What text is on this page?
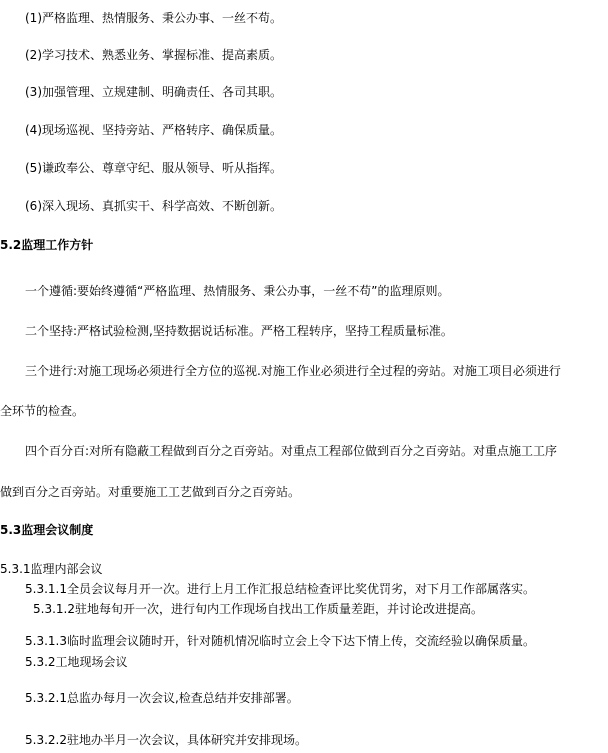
(1)严格监理、热情服务、秉公办事、一丝不苟。
(2)学习技术、熟悉业务、掌握标准、提高素质。
(3)加强管理、立规建制、明确责任、各司其职。
(4)现场巡视、坚持旁站、严格转序、确保质量。
(5)谦政奉公、尊章守纪、服从领导、听从指挥。
(6)深入现场、真抓实干、科学高效、不断创新。
5.2监理工作方针
一个遵循:要始终遵循“严格监理、热情服务、秉公办事，一丝不苟”的监理原则。
二个坚持:严格试验检测,坚持数据说话标准。严格工程转序，坚持工程质量标准。
三个进行:对施工现场必须进行全方位的巡视.对施工作业必须进行全过程的旁站。对施工项目必须进行
全环节的检查。
四个百分百:对所有隐蔽工程做到百分之百旁站。对重点工程部位做到百分之百旁站。对重点施工工序
做到百分之百旁站。对重要施工工艺做到百分之百旁站。
5.3监理会议制度
5.3.1监理内部会议
5.3.1.1全员会议每月开一次。进行上月工作汇报总结检查评比奖优罚劣，对下月工作部属落实。
5.3.1.2驻地每旬开一次，进行旬内工作现场自找出工作质量差距，并讨论改进提高。
5.3.1.3临时监理会议随时开，针对随机情况临时立会上令下达下情上传，交流经验以确保质量。
5.3.2工地现场会议
5.3.2.1总监办每月一次会议,检查总结并安排部署。
5.3.2.2驻地办半月一次会议，具体研究并安排现场。
